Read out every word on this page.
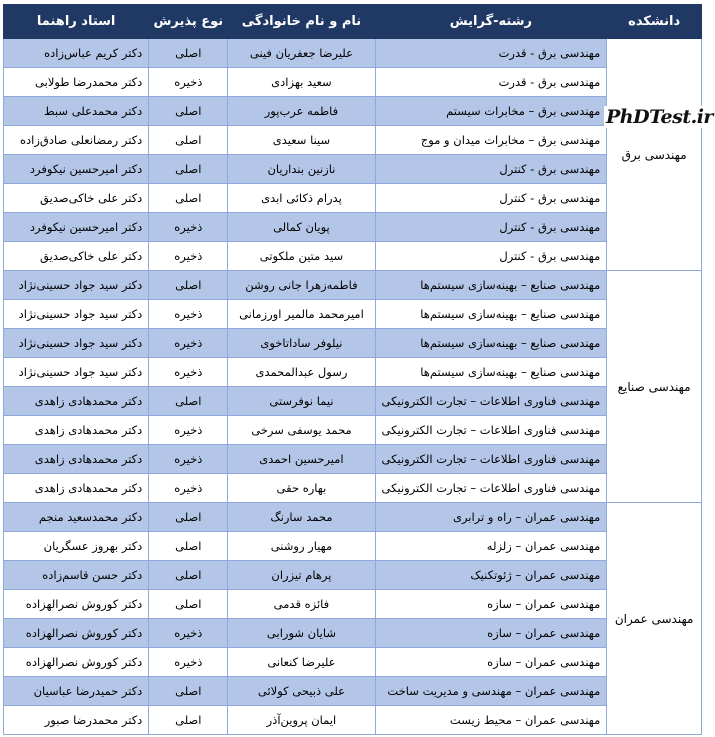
دانشکده	رشته-گرایش	نام و نام خانوادگی	نوع پذیرش	استاد راهنما
مهندسی برق	مهندسی برق - قدرت	علیرضا جعفریان فینی	اصلی	دکتر کریم عباس‌زاده
	مهندسی برق - قدرت	سعید بهزادی	ذخیره	دکتر محمدرضا طولابی
	مهندسی برق – مخابرات سیستم	فاطمه عرب‌پور	اصلی	دکتر محمدعلی سبط
	مهندسی برق – مخابرات میدان و موج	سینا سعیدی	اصلی	دکتر رمضانعلی صادق‌زاده
	مهندسی برق - کنترل	نازنین بنداریان	اصلی	دکتر امیرحسین نیکوفرد
	مهندسی برق - کنترل	پدرام ذکائی ابدی	اصلی	دکتر علی خاکی‌صدیق
	مهندسی برق - کنترل	پویان کمالی	ذخیره	دکتر امیرحسین نیکوفرد
	مهندسی برق - کنترل	سید متین ملکوتی	ذخیره	دکتر علی خاکی‌صدیق
مهندسی صنایع	مهندسی صنایع – بهینه‌سازی سیستم‌ها	فاطمه‌زهرا جانی روشن	اصلی	دکتر سید جواد حسینی‌نژاد
	مهندسی صنایع – بهینه‌سازی سیستم‌ها	امیرمحمد مالمیر اورزمانی	ذخیره	دکتر سید جواد حسینی‌نژاد
	مهندسی صنایع – بهینه‌سازی سیستم‌ها	نیلوفر ساداتاخوی	ذخیره	دکتر سید جواد حسینی‌نژاد
	مهندسی صنایع – بهینه‌سازی سیستم‌ها	رسول عبدالمحمدی	ذخیره	دکتر سید جواد حسینی‌نژاد
	مهندسی فناوری اطلاعات – تجارت الکترونیکی	نیما نوفرستی	اصلی	دکتر محمدهادی زاهدی
	مهندسی فناوری اطلاعات – تجارت الکترونیکی	محمد یوسفی سرخی	ذخیره	دکتر محمدهادی زاهدی
	مهندسی فناوری اطلاعات – تجارت الکترونیکی	امیرحسین احمدی	ذخیره	دکتر محمدهادی زاهدی
	مهندسی فناوری اطلاعات – تجارت الکترونیکی	بهاره حقی	ذخیره	دکتر محمدهادی زاهدی
مهندسی عمران	مهندسی عمران – راه و ترابری	محمد سارنگ	اصلی	دکتر محمدسعید منجم
	مهندسی عمران – زلزله	مهیار روشنی	اصلی	دکتر بهروز عسگریان
	مهندسی عمران – ژئوتکنیک	پرهام تیزران	اصلی	دکتر حسن قاسم‌زاده
	مهندسی عمران – سازه	فائزه قدمی	اصلی	دکتر کوروش نصرالهزاده
	مهندسی عمران – سازه	شایان شورابی	ذخیره	دکتر کوروش نصرالهزاده
	مهندسی عمران – سازه	علیرضا کنعانی	ذخیره	دکتر کوروش نصرالهزاده
	مهندسی عمران – مهندسی و مدیریت ساخت	علی ذبیحی کولائی	اصلی	دکتر حمیدرضا عباسیان
	مهندسی عمران – محیط زیست	ایمان پروین‌آذر	اصلی	دکتر محمدرضا صبور
PhDTest.ir
